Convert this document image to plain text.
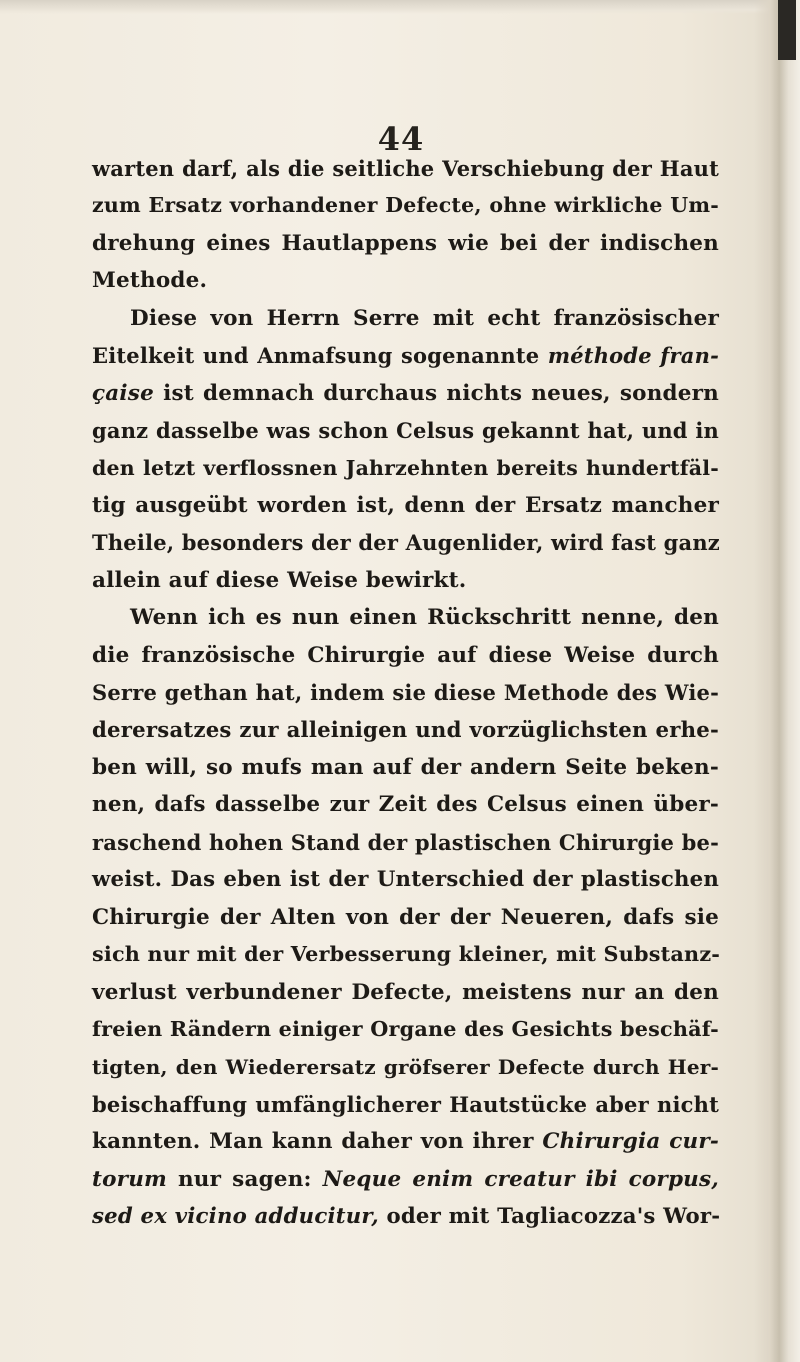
44
warten darf, als die seitliche Verschiebung der Haut
zum Ersatz vorhandener Defecte, ohne wirkliche Um-
drehung eines Hautlappens wie bei der indischen
Methode.
Diese von Herrn Serre mit echt französischer
Eitelkeit und Anmafsung sogenannte méthode fran-
çaise ist demnach durchaus nichts neues, sondern
ganz dasselbe was schon Celsus gekannt hat, und in
den letzt verflossnen Jahrzehnten bereits hundertfäl-
tig ausgeübt worden ist, denn der Ersatz mancher
Theile, besonders der der Augenlider, wird fast ganz
allein auf diese Weise bewirkt.
Wenn ich es nun einen Rückschritt nenne, den
die französische Chirurgie auf diese Weise durch
Serre gethan hat, indem sie diese Methode des Wie-
derersatzes zur alleinigen und vorzüglichsten erhe-
ben will, so mufs man auf der andern Seite beken-
nen, dafs dasselbe zur Zeit des Celsus einen über-
raschend hohen Stand der plastischen Chirurgie be-
weist. Das eben ist der Unterschied der plastischen
Chirurgie der Alten von der der Neueren, dafs sie
sich nur mit der Verbesserung kleiner, mit Substanz-
verlust verbundener Defecte, meistens nur an den
freien Rändern einiger Organe des Gesichts beschäf-
tigten, den Wiederersatz gröfserer Defecte durch Her-
beischaffung umfänglicherer Hautstücke aber nicht
kannten. Man kann daher von ihrer Chirurgia cur-
torum nur sagen: Neque enim creatur ibi corpus,
sed ex vicino adducitur, oder mit Tagliacozza's Wor-
